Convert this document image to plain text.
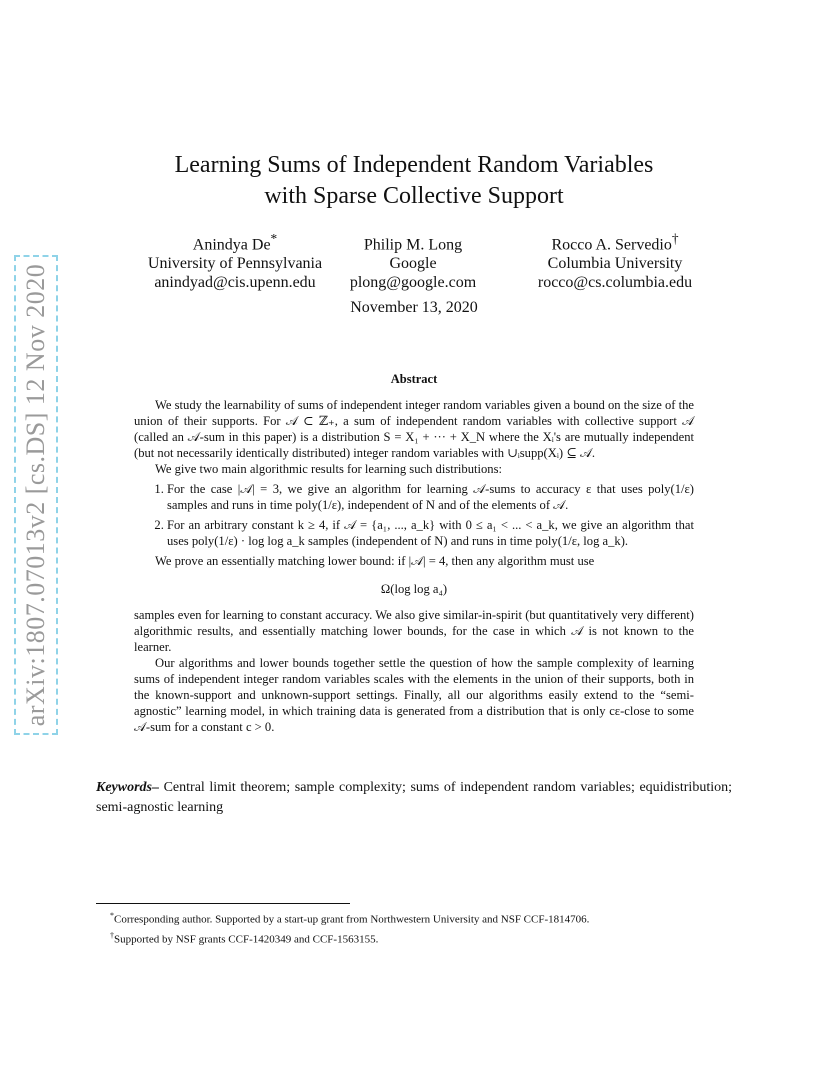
arXiv:1807.07013v2 [cs.DS] 12 Nov 2020
Learning Sums of Independent Random Variables
with Sparse Collective Support
Anindya De*
University of Pennsylvania
anindyad@cis.upenn.edu
Philip M. Long
Google
plong@google.com
Rocco A. Servedio†
Columbia University
rocco@cs.columbia.edu
November 13, 2020
Abstract

We study the learnability of sums of independent integer random variables given a bound on the size of the union of their supports. For 𝒜 ⊂ ℤ₊, a sum of independent random variables with collective support 𝒜 (called an 𝒜-sum in this paper) is a distribution S = X₁ + ··· + X_N where the Xᵢ's are mutually independent (but not necessarily identically distributed) integer random variables with ∪ᵢsupp(Xᵢ) ⊆ 𝒜.

We give two main algorithmic results for learning such distributions:

1. For the case |𝒜| = 3, we give an algorithm for learning 𝒜-sums to accuracy ε that uses poly(1/ε) samples and runs in time poly(1/ε), independent of N and of the elements of 𝒜.
2. For an arbitrary constant k ≥ 4, if 𝒜 = {a₁, ..., a_k} with 0 ≤ a₁ < ... < a_k, we give an algorithm that uses poly(1/ε) · log log a_k samples (independent of N) and runs in time poly(1/ε, log a_k).

We prove an essentially matching lower bound: if |𝒜| = 4, then any algorithm must use

Ω(log log a₄)

samples even for learning to constant accuracy. We also give similar-in-spirit (but quantitatively very different) algorithmic results, and essentially matching lower bounds, for the case in which 𝒜 is not known to the learner.

Our algorithms and lower bounds together settle the question of how the sample complexity of learning sums of independent integer random variables scales with the elements in the union of their supports, both in the known-support and unknown-support settings. Finally, all our algorithms easily extend to the “semi-agnostic” learning model, in which training data is generated from a distribution that is only cε-close to some 𝒜-sum for a constant c > 0.

Keywords– Central limit theorem; sample complexity; sums of independent random variables; equidistribution; semi-agnostic learning
*Corresponding author. Supported by a start-up grant from Northwestern University and NSF CCF-1814706.
†Supported by NSF grants CCF-1420349 and CCF-1563155.
